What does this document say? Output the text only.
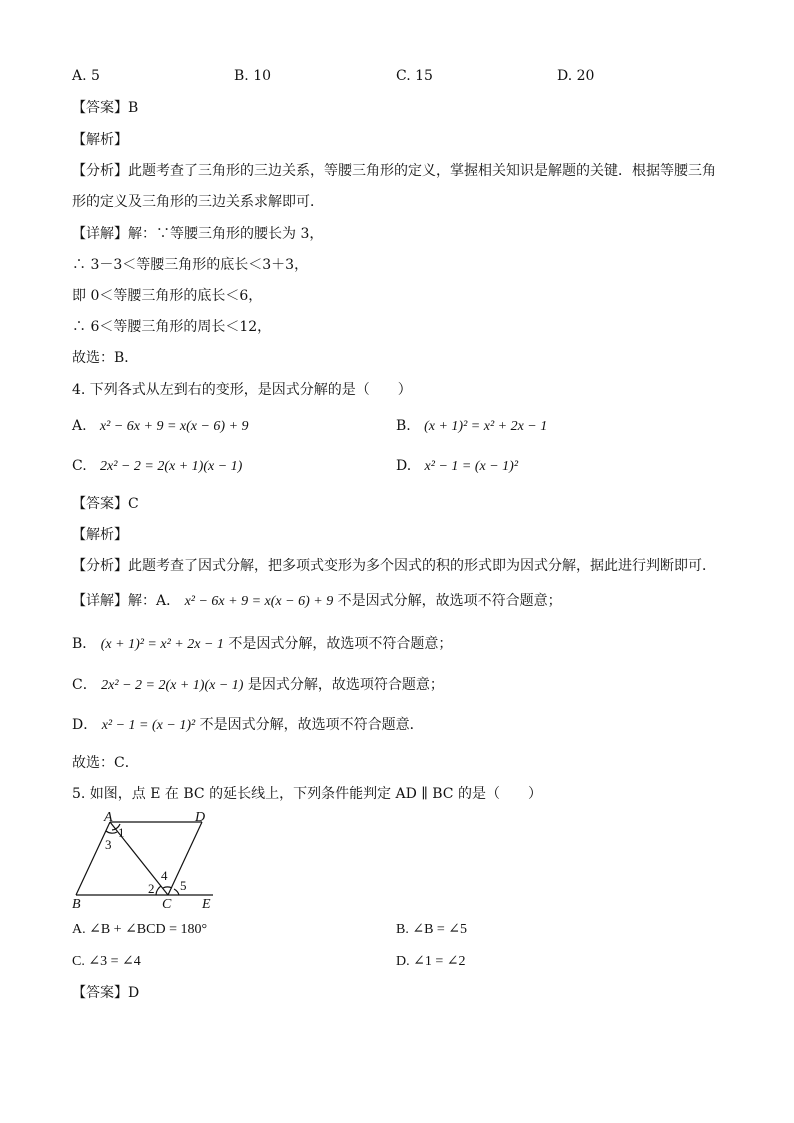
A. 5	B. 10	C. 15	D. 20
【答案】B
【解析】
【分析】此题考查了三角形的三边关系，等腰三角形的定义，掌握相关知识是解题的关键．根据等腰三角
形的定义及三角形的三边关系求解即可．
【详解】解：∵等腰三角形的腰长为 3，
∴ 3－3＜等腰三角形的底长＜3＋3，
即 0＜等腰三角形的底长＜6，
∴ 6＜等腰三角形的周长＜12，
故选：B．
4. 下列各式从左到右的变形，是因式分解的是（　　）
A. x² − 6x + 9 = x(x − 6) + 9	B. (x + 1)² = x² + 2x − 1
C. 2x² − 2 = 2(x + 1)(x − 1)	D. x² − 1 = (x − 1)²
【答案】C
【解析】
【分析】此题考查了因式分解，把多项式变形为多个因式的积的形式即为因式分解，据此进行判断即可．
【详解】解：A． x² − 6x + 9 = x(x − 6) + 9 不是因式分解，故选项不符合题意；
B． (x + 1)² = x² + 2x − 1 不是因式分解，故选项不符合题意；
C． 2x² − 2 = 2(x + 1)(x − 1) 是因式分解，故选项符合题意；
D． x² − 1 = (x − 1)² 不是因式分解，故选项不符合题意．
故选：C．
5. 如图，点 E 在 BC 的延长线上，下列条件能判定 AD ∥ BC 的是（　　）
A	D
B	C E
1
3
4
2 5
A. ∠B + ∠BCD = 180°	B. ∠B = ∠5
C. ∠3 = ∠4	D. ∠1 = ∠2
【答案】D
